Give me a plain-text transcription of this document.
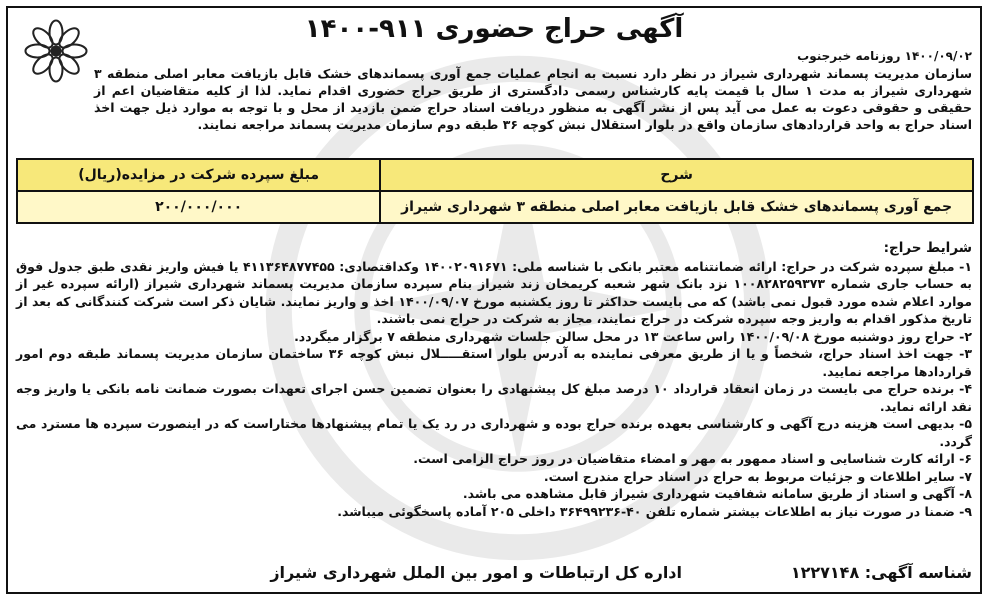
آگهی حراج حضوری ۹۱۱-۱۴۰۰
۱۴۰۰/۰۹/۰۲ روزنامه خبرجنوب
سازمان مدیریت پسماند شهرداری شیراز در نظر دارد نسبت به انجام عملیات جمع آوری پسماندهای خشک قابل بازیافت معابر اصلی منطقه ۳ شهرداری شیراز به مدت ۱ سال با قیمت پایه کارشناس رسمی دادگستری از طریق حراج حضوری اقدام نماید. لذا از کلیه متقاضیان اعم از حقیقی و حقوقی دعوت به عمل می آید پس از نشر آگهی به منظور دریافت اسناد حراج ضمن بازدید از محل و با توجه به موارد ذیل جهت اخذ اسناد حراج به واحد قراردادهای سازمان واقع در بلوار استقلال نبش کوچه ۳۶ طبقه دوم سازمان مدیریت پسماند مراجعه نمایند.
شرح	مبلغ سپرده شرکت در مزایده(ریال)
جمع آوری پسماندهای خشک قابل بازیافت معابر اصلی منطقه ۳ شهرداری شیراز	۲۰۰/۰۰۰/۰۰۰

شرایط حراج:

۱- مبلغ سپرده شرکت در حراج: ارائه ضمانتنامه معتبر بانکی با شناسه ملی: ۱۴۰۰۲۰۹۱۶۷۱ وکداقتصادی: ۴۱۱۳۶۴۸۷۷۴۵۵ یا فیش واریز نقدی طبق جدول فوق به حساب جاری شماره ۱۰۰۸۲۸۲۵۹۳۷۳ نزد بانک شهر شعبه کریمخان زند شیراز بنام سپرده سازمان مدیریت پسماند شهرداری شیراز (ارائه سپرده غیر از موارد اعلام شده مورد قبول نمی باشد) که می بایست حداکثر تا روز یکشنبه مورخ ۱۴۰۰/۰۹/۰۷ اخذ و واریز نمایند. شایان ذکر است شرکت کنندگانی که بعد از تاریخ مذکور اقدام به واریز وجه سپرده شرکت در حراج نمایند، مجاز به شرکت در حراج نمی باشند.

۲- حراج روز دوشنبه مورخ ۱۴۰۰/۰۹/۰۸ راس ساعت ۱۳ در محل سالن جلسات شهرداری منطقه ۷ برگزار میگردد.

۳- جهت اخذ اسناد حراج، شخصاً و یا از طریق معرفی نماینده به آدرس بلوار استقـــــلال نبش کوچه ۳۶ ساختمان سازمان مدیریت پسماند طبقه دوم امور قراردادها مراجعه نمایید.

۴- برنده حراج می بایست در زمان انعقاد قرارداد ۱۰ درصد مبلغ کل پیشنهادی را بعنوان تضمین حسن اجرای تعهدات بصورت ضمانت نامه بانکی یا واریز وجه نقد ارائه نماید.

۵- بدیهی است هزینه درج آگهی و کارشناسی بعهده برنده حراج بوده و شهرداری در رد یک یا تمام پیشنهادها مختاراست که در اینصورت سپرده ها مسترد می گردد.

۶- ارائه کارت شناسایی و اسناد ممهور به مهر و امضاء متقاضیان در روز حراج الزامی است.

۷- سایر اطلاعات و جزئیات مربوط به حراج در اسناد حراج مندرج است.

۸- آگهی و اسناد از طریق سامانه شفافیت شهرداری شیراز قابل مشاهده می باشد.

۹- ضمنا در صورت نیاز به اطلاعات بیشتر شماره تلفن ۴۰-۳۶۴۹۹۲۳۶ داخلی ۲۰۵ آماده پاسخگوئی میباشد.

شناسه آگهی: ۱۲۲۷۱۴۸
اداره کل ارتباطات و امور بین الملل شهرداری شیراز
